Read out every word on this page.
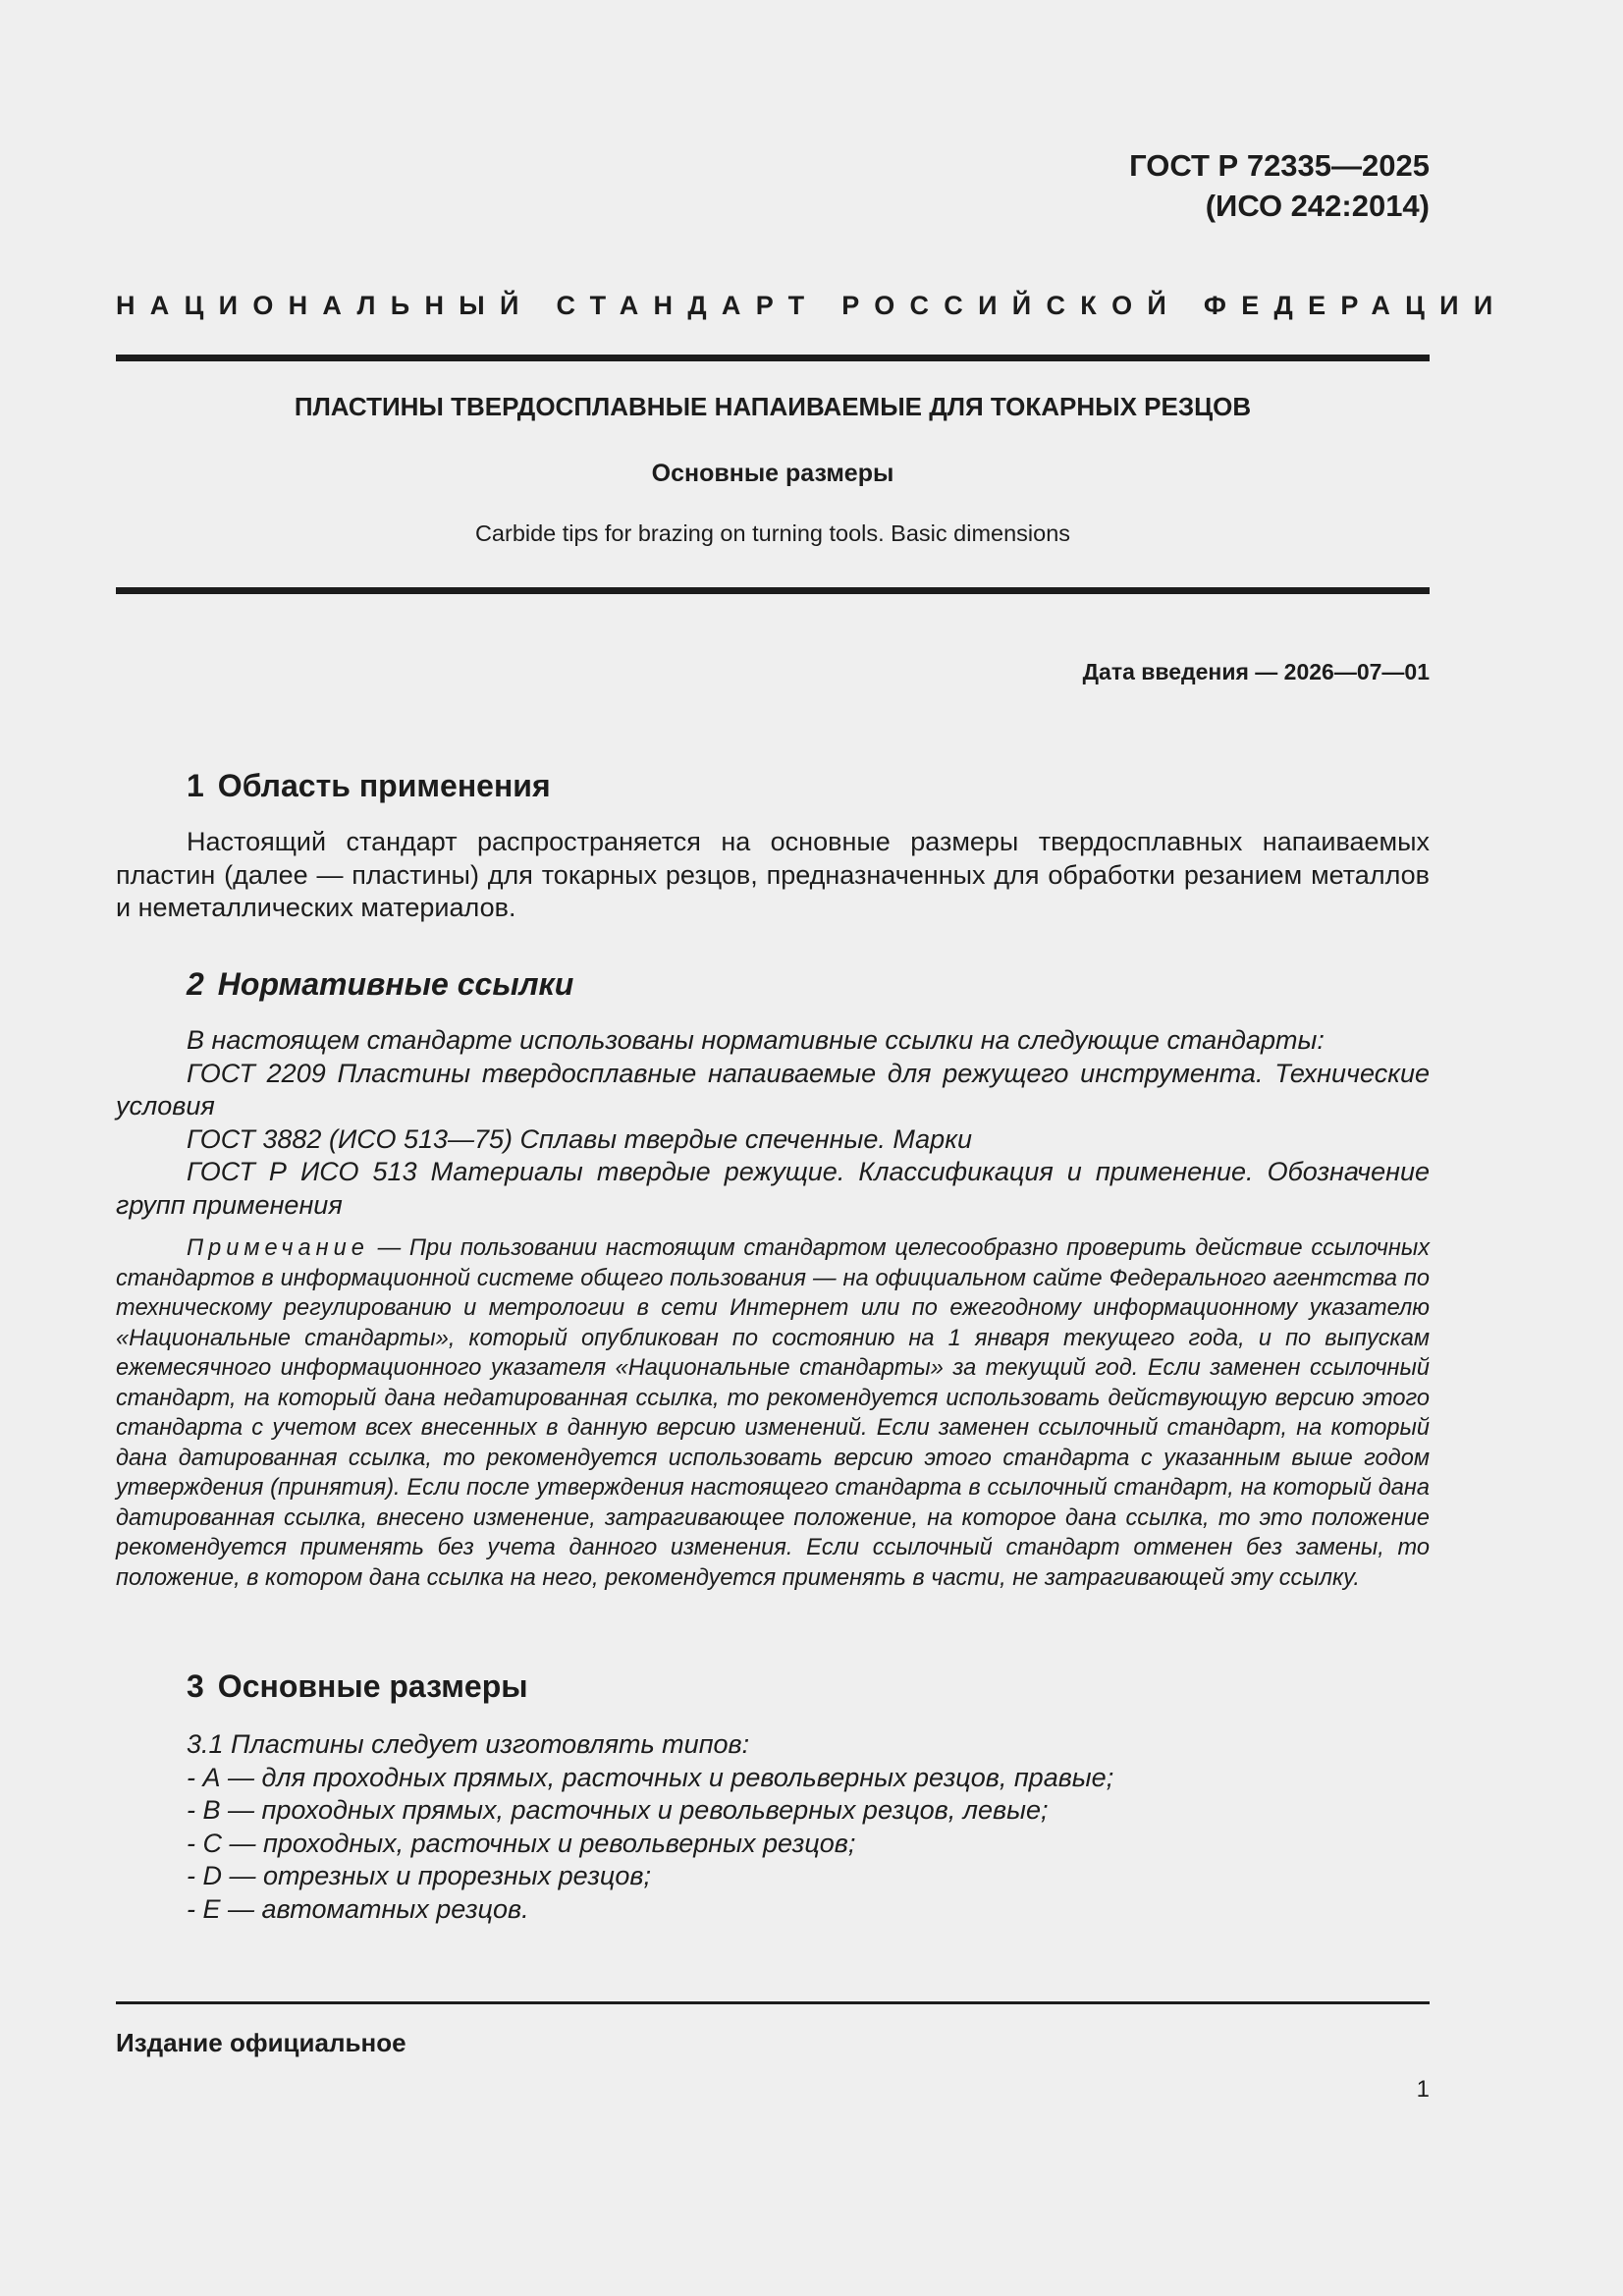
ГОСТ Р 72335—2025
(ИСО 242:2014)
НАЦИОНАЛЬНЫЙ СТАНДАРТ РОССИЙСКОЙ ФЕДЕРАЦИИ
ПЛАСТИНЫ ТВЕРДОСПЛАВНЫЕ НАПАИВАЕМЫЕ ДЛЯ ТОКАРНЫХ РЕЗЦОВ
Основные размеры
Carbide tips for brazing on turning tools. Basic dimensions
Дата введения — 2026—07—01
1 Область применения

Настоящий стандарт распространяется на основные размеры твердосплавных напаиваемых пластин (далее — пластины) для токарных резцов, предназначенных для обработки резанием металлов и неметаллических материалов.

2 Нормативные ссылки

В настоящем стандарте использованы нормативные ссылки на следующие стандарты:

ГОСТ 2209 Пластины твердосплавные напаиваемые для режущего инструмента. Технические условия

ГОСТ 3882 (ИСО 513—75) Сплавы твердые спеченные. Марки

ГОСТ Р ИСО 513 Материалы твердые режущие. Классификация и применение. Обозначение групп применения

Примечание — При пользовании настоящим стандартом целесообразно проверить действие ссылочных стандартов в информационной системе общего пользования — на официальном сайте Федерального агентства по техническому регулированию и метрологии в сети Интернет или по ежегодному информационному указателю «Национальные стандарты», который опубликован по состоянию на 1 января текущего года, и по выпускам ежемесячного информационного указателя «Национальные стандарты» за текущий год. Если заменен ссылочный стандарт, на который дана недатированная ссылка, то рекомендуется использовать действующую версию этого стандарта с учетом всех внесенных в данную версию изменений. Если заменен ссылочный стандарт, на который дана датированная ссылка, то рекомендуется использовать версию этого стандарта с указанным выше годом утверждения (принятия). Если после утверждения настоящего стандарта в ссылочный стандарт, на который дана датированная ссылка, внесено изменение, затрагивающее положение, на которое дана ссылка, то это положение рекомендуется применять без учета данного изменения. Если ссылочный стандарт отменен без замены, то положение, в котором дана ссылка на него, рекомендуется применять в части, не затрагивающей эту ссылку.

3 Основные размеры

3.1 Пластины следует изготовлять типов:

- А — для проходных прямых, расточных и револьверных резцов, правые;
- В — проходных прямых, расточных и револьверных резцов, левые;
- С — проходных, расточных и револьверных резцов;
- D — отрезных и прорезных резцов;
- Е — автоматных резцов.
Издание официальное
1
